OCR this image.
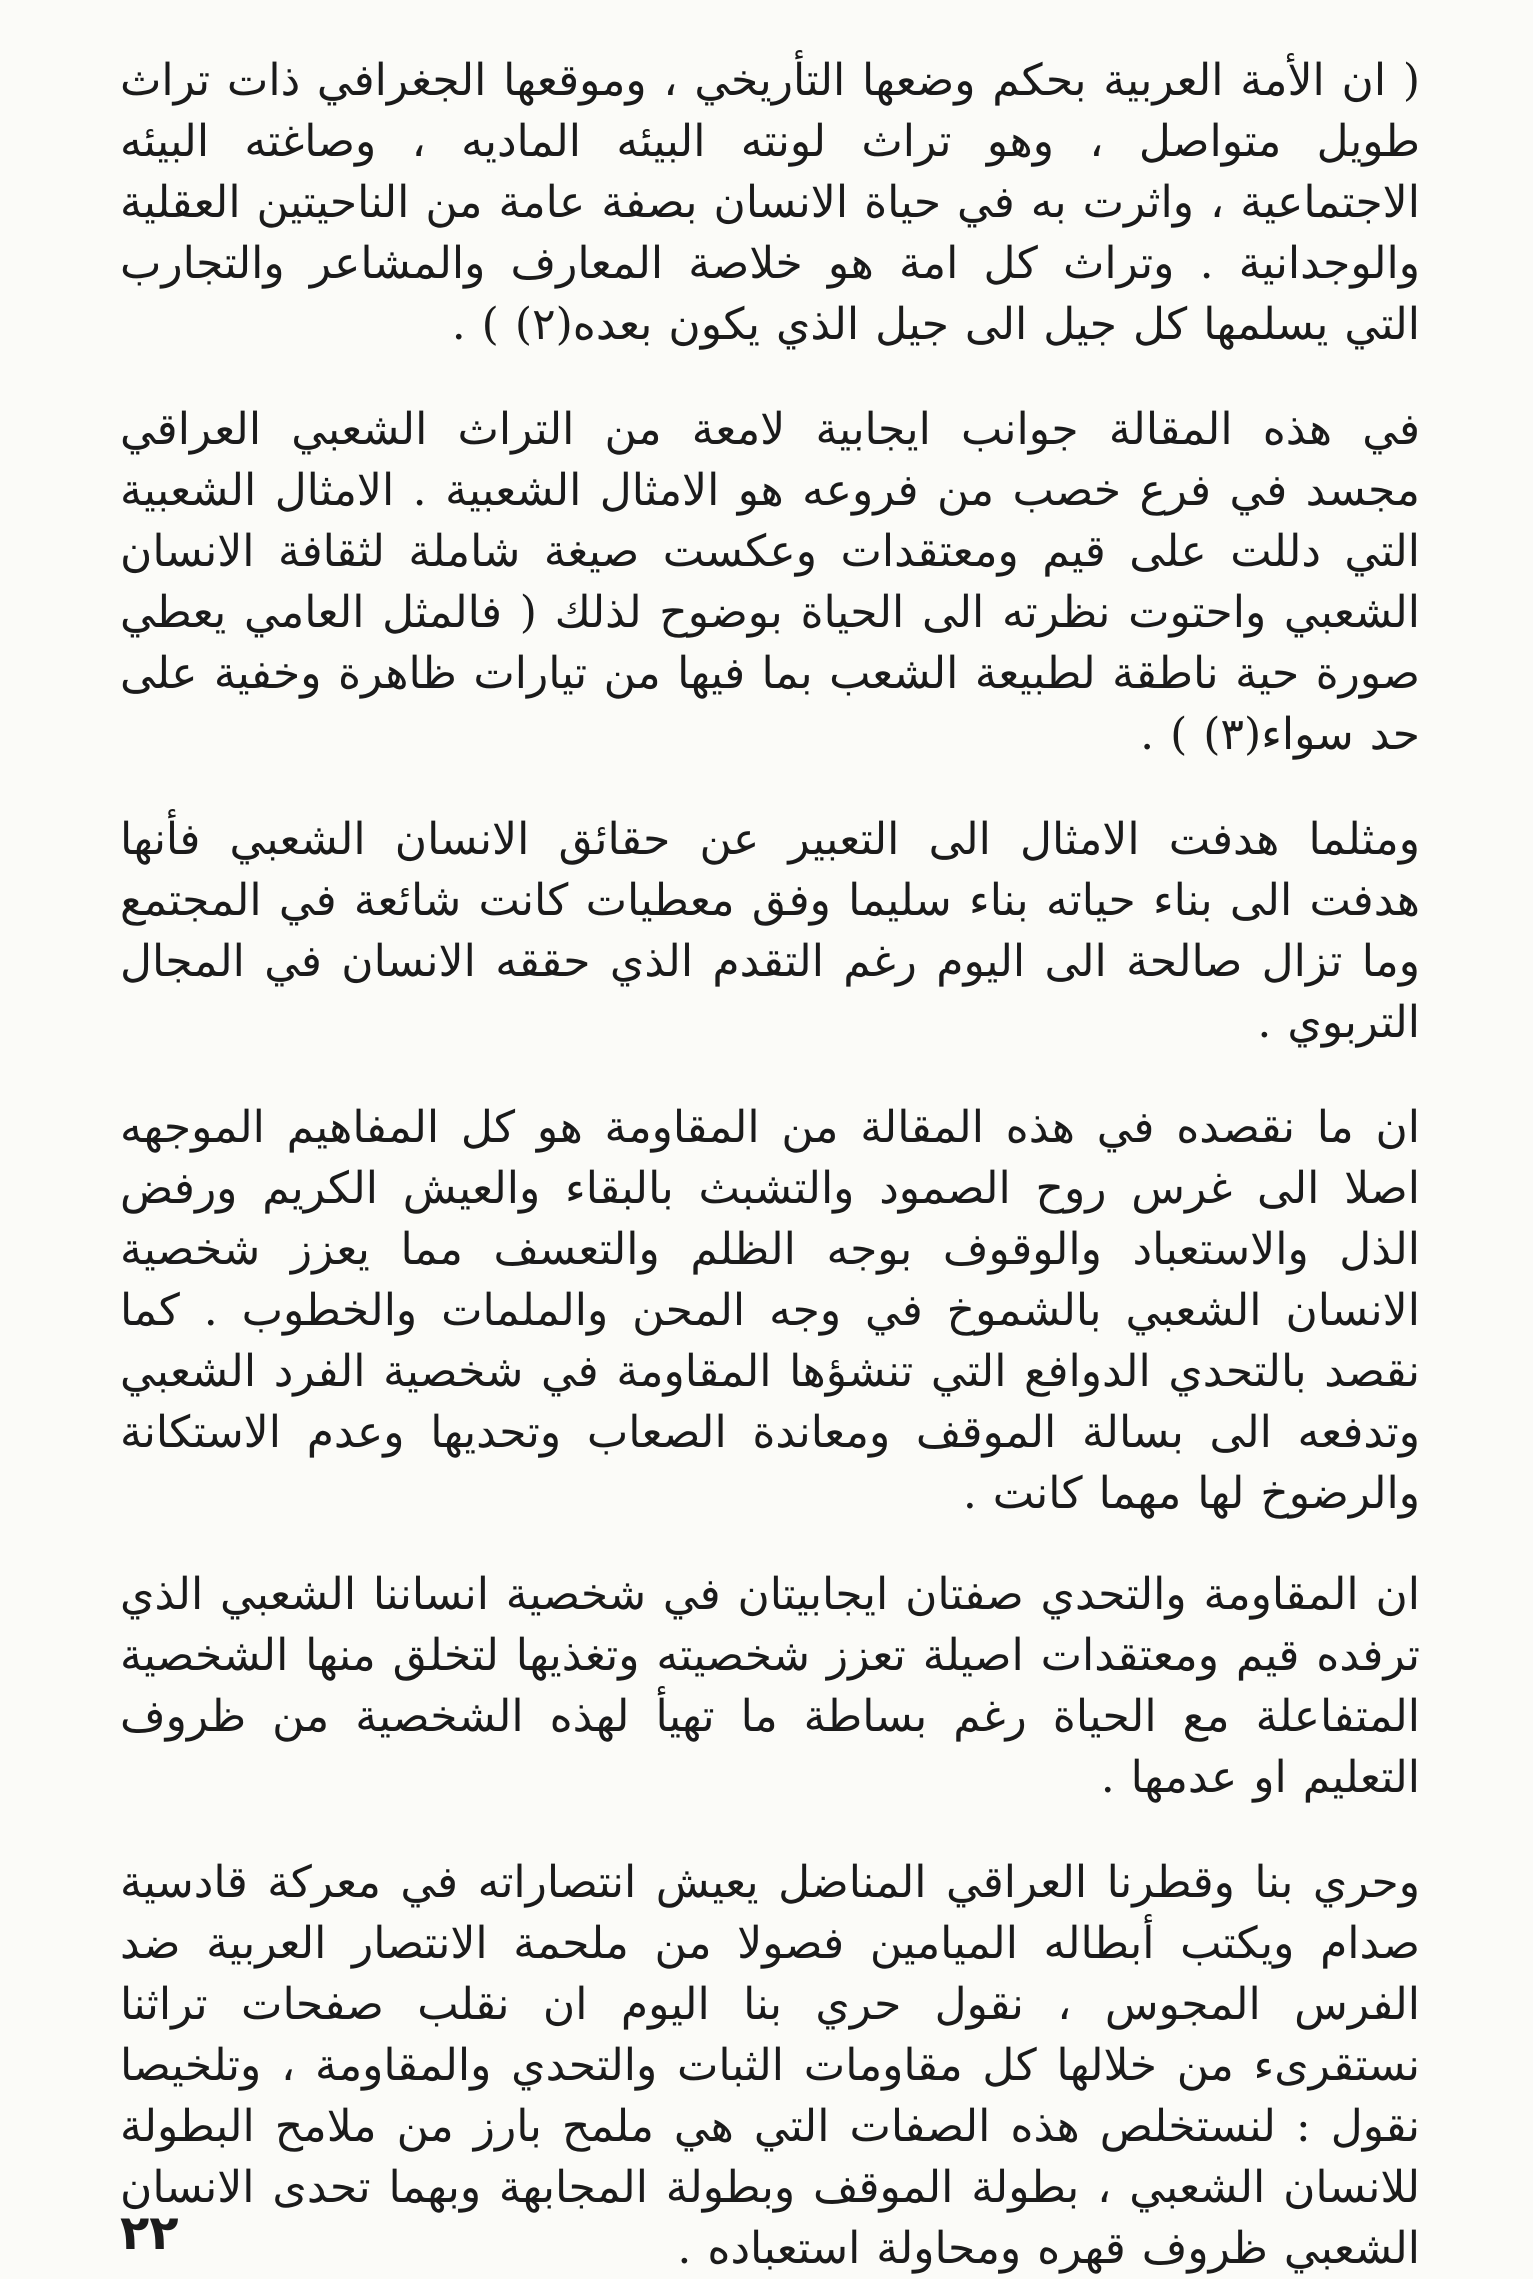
( ان الأمة العربية بحكم وضعها التأريخي ، وموقعها الجغرافي ذات تراث طويل متواصل ، وهو تراث لونته البيئه الماديه ، وصاغته البيئه الاجتماعية ، واثرت به في حياة الانسان بصفة عامة من الناحيتين العقلية والوجدانية . وتراث كل امة هو خلاصة المعارف والمشاعر والتجارب التي يسلمها كل جيل الى جيل الذي يكون بعده(٢) ) .

في هذه المقالة جوانب ايجابية لامعة من التراث الشعبي العراقي مجسد في فرع خصب من فروعه هو الامثال الشعبية . الامثال الشعبية التي دللت على قيم ومعتقدات وعكست صيغة شاملة لثقافة الانسان الشعبي واحتوت نظرته الى الحياة بوضوح لذلك ( فالمثل العامي يعطي صورة حية ناطقة لطبيعة الشعب بما فيها من تيارات ظاهرة وخفية على حد سواء(٣) ) .

ومثلما هدفت الامثال الى التعبير عن حقائق الانسان الشعبي فأنها هدفت الى بناء حياته بناء سليما وفق معطيات كانت شائعة في المجتمع وما تزال صالحة الى اليوم رغم التقدم الذي حققه الانسان في المجال التربوي .

ان ما نقصده في هذه المقالة من المقاومة هو كل المفاهيم الموجهه اصلا الى غرس روح الصمود والتشبث بالبقاء والعيش الكريم ورفض الذل والاستعباد والوقوف بوجه الظلم والتعسف مما يعزز شخصية الانسان الشعبي بالشموخ في وجه المحن والملمات والخطوب . كما نقصد بالتحدي الدوافع التي تنشؤها المقاومة في شخصية الفرد الشعبي وتدفعه الى بسالة الموقف ومعاندة الصعاب وتحديها وعدم الاستكانة والرضوخ لها مهما كانت .

ان المقاومة والتحدي صفتان ايجابيتان في شخصية انساننا الشعبي الذي ترفده قيم ومعتقدات اصيلة تعزز شخصيته وتغذيها لتخلق منها الشخصية المتفاعلة مع الحياة رغم بساطة ما تهيأ لهذه الشخصية من ظروف التعليم او عدمها .

وحري بنا وقطرنا العراقي المناضل يعيش انتصاراته في معركة قادسية صدام ويكتب أبطاله الميامين فصولا من ملحمة الانتصار العربية ضد الفرس المجوس ، نقول حري بنا اليوم ان نقلب صفحات تراثنا نستقرىء من خلالها كل مقاومات الثبات والتحدي والمقاومة ، وتلخيصا نقول : لنستخلص هذه الصفات التي هي ملمح بارز من ملامح البطولة للانسان الشعبي ، بطولة الموقف وبطولة المجابهة وبهما تحدى الانسان الشعبي ظروف قهره ومحاولة استعباده .

٢٢
